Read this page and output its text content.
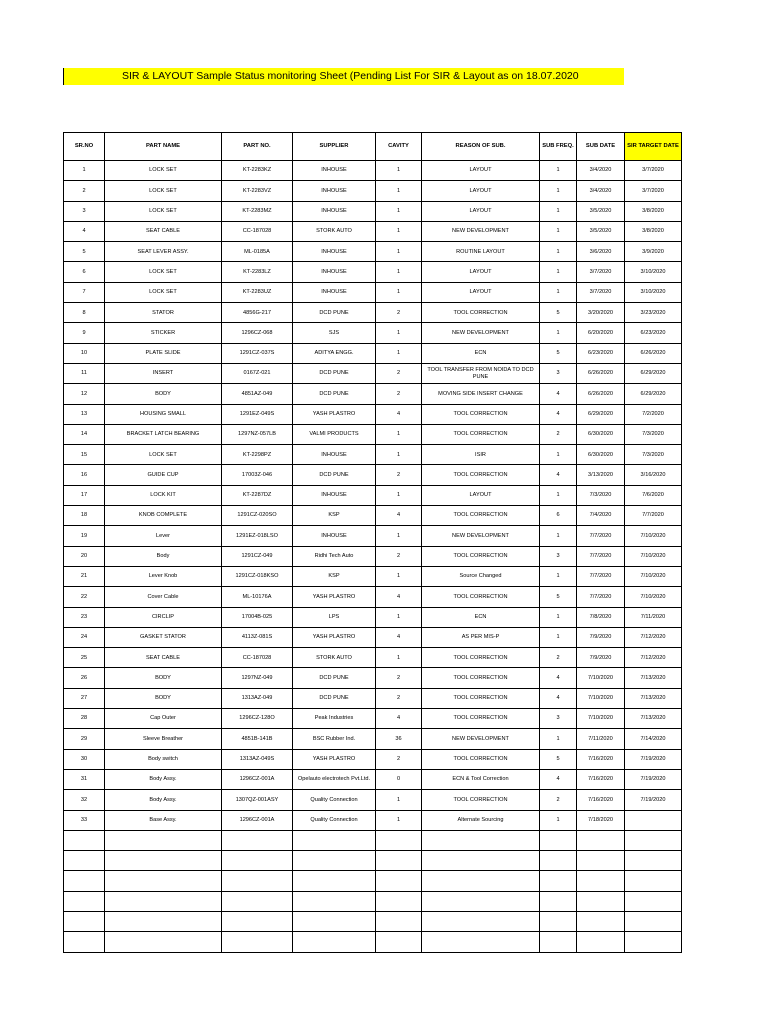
SIR & LAYOUT Sample Status monitoring Sheet (Pending List For SIR & Layout as on 18.07.2020
SR.NO	PART NAME	PART NO.	SUPPLIER	CAVITY	REASON OF SUB.	SUB FREQ.	SUB DATE	SIR TARGET DATE
1	LOCK SET	KT-2283KZ	INHOUSE	1	LAYOUT	1	3/4/2020	3/7/2020
2	LOCK SET	KT-2283VZ	INHOUSE	1	LAYOUT	1	3/4/2020	3/7/2020
3	LOCK SET	KT-2283MZ	INHOUSE	1	LAYOUT	1	3/5/2020	3/8/2020
4	SEAT CABLE	CC-187028	STORK AUTO	1	NEW DEVELOPMENT	1	3/5/2020	3/8/2020
5	SEAT LEVER ASSY.	ML-0185A	INHOUSE	1	ROUTINE LAYOUT	1	3/6/2020	3/9/2020
6	LOCK SET	KT-2283LZ	INHOUSE	1	LAYOUT	1	3/7/2020	3/10/2020
7	LOCK SET	KT-2283UZ	INHOUSE	1	LAYOUT	1	3/7/2020	3/10/2020
8	STATOR	4856G-217	DCD PUNE	2	TOOL CORRECTION	5	3/20/2020	3/23/2020
9	STICKER	1296CZ-068	SJS	1	NEW DEVELOPMENT	1	6/20/2020	6/23/2020
10	PLATE SLIDE	1291CZ-037S	ADITYA ENGG.	1	ECN	5	6/23/2020	6/26/2020
11	INSERT	0167Z-021	DCD PUNE	2	TOOL TRANSFER FROM NOIDA TO DCD PUNE	3	6/26/2020	6/29/2020
12	BODY	4851AZ-049	DCD PUNE	2	MOVING SIDE INSERT CHANGE	4	6/26/2020	6/29/2020
13	HOUSING SMALL	1291EZ-049S	YASH PLASTRO	4	TOOL CORRECTION	4	6/29/2020	7/2/2020
14	BRACKET LATCH BEARING	1297NZ-057LB	VALMI PRODUCTS	1	TOOL CORRECTION	2	6/30/2020	7/3/2020
15	LOCK SET	KT-2298PZ	INHOUSE	1	ISIR	1	6/30/2020	7/3/2020
16	GUIDE CUP	17003Z-046	DCD PUNE	2	TOOL CORRECTION	4	3/13/2020	3/16/2020
17	LOCK KIT	KT-2287DZ	INHOUSE	1	LAYOUT	1	7/3/2020	7/6/2020
18	KNOB COMPLETE	1291CZ-020SO	KSP	4	TOOL CORRECTION	6	7/4/2020	7/7/2020
19	Lever	1291EZ-018LSO	INHOUSE	1	NEW DEVELOPMENT	1	7/7/2020	7/10/2020
20	Body	1291CZ-049	Ridhi Tech Auto	2	TOOL CORRECTION	3	7/7/2020	7/10/2020
21	Lever Knob	1291CZ-018KSO	KSP	1	Source Changed	1	7/7/2020	7/10/2020
22	Cover Cable	ML-10176A	YASH PLASTRO	4	TOOL CORRECTION	5	7/7/2020	7/10/2020
23	CIRCLIP	17004B-025	LPS	1	ECN	1	7/8/2020	7/11/2020
24	GASKET STATOR	4113Z-081S	YASH PLASTRO	4	AS PER MIS-P	1	7/9/2020	7/12/2020
25	SEAT CABLE	CC-187028	STORK AUTO	1	TOOL CORRECTION	2	7/9/2020	7/12/2020
26	BODY	1297NZ-049	DCD PUNE	2	TOOL CORRECTION	4	7/10/2020	7/13/2020
27	BODY	1313AZ-049	DCD PUNE	2	TOOL CORRECTION	4	7/10/2020	7/13/2020
28	Cap Outer	1296CZ-128O	Peak Industries	4	TOOL CORRECTION	3	7/10/2020	7/13/2020
29	Sleeve Breather	4851B-141B	BSC Rubber Ind.	36	NEW DEVELOPMENT	1	7/11/2020	7/14/2020
30	Body switch	1313AZ-049S	YASH PLASTRO	2	TOOL CORRECTION	5	7/16/2020	7/19/2020
31	Body Assy.	1296CZ-001A	Opelauto electrotech Pvt.Ltd.	0	ECN & Tool Correction	4	7/16/2020	7/19/2020
32	Body Assy.	1307QZ-001ASY	Quality Connection	1	TOOL CORRECTION	2	7/16/2020	7/19/2020
33	Base Assy.	1296CZ-001A	Quality Connection	1	Alternate Sourcing	1	7/18/2020	
